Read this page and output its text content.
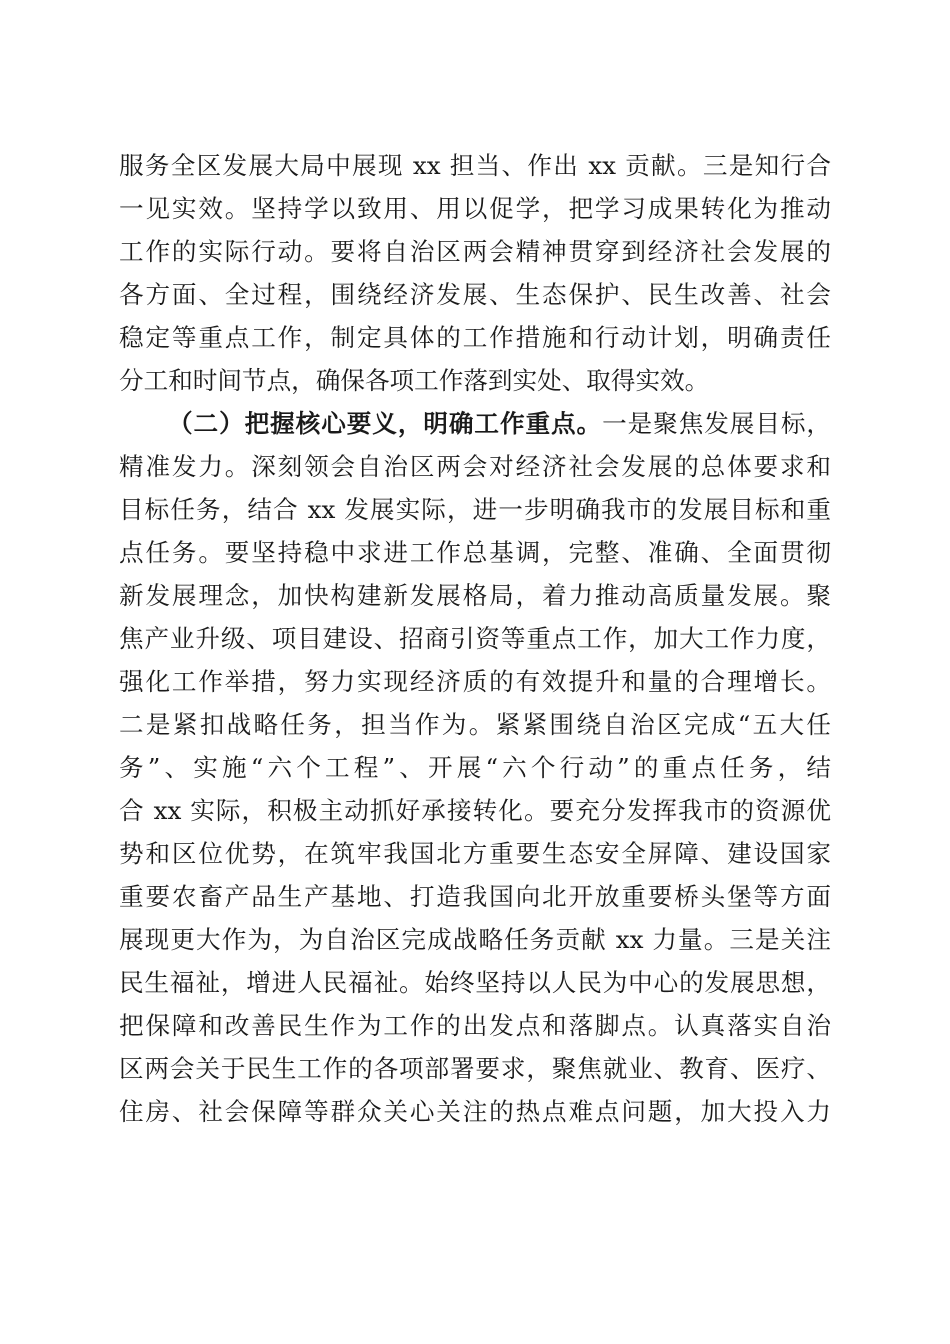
服务全区发展大局中展现 xx 担当、作出 xx 贡献。三是知行合
一见实效。坚持学以致用、用以促学，把学习成果转化为推动
工作的实际行动。要将自治区两会精神贯穿到经济社会发展的
各方面、全过程，围绕经济发展、生态保护、民生改善、社会
稳定等重点工作，制定具体的工作措施和行动计划，明确责任
分工和时间节点，确保各项工作落到实处、取得实效。
（二）把握核心要义，明确工作重点。一是聚焦发展目标，
精准发力。深刻领会自治区两会对经济社会发展的总体要求和
目标任务，结合 xx 发展实际，进一步明确我市的发展目标和重
点任务。要坚持稳中求进工作总基调，完整、准确、全面贯彻
新发展理念，加快构建新发展格局，着力推动高质量发展。聚
焦产业升级、项目建设、招商引资等重点工作，加大工作力度，
强化工作举措，努力实现经济质的有效提升和量的合理增长。
二是紧扣战略任务，担当作为。紧紧围绕自治区完成“五大任
务”、实施“六个工程”、开展“六个行动”的重点任务，结
合 xx 实际，积极主动抓好承接转化。要充分发挥我市的资源优
势和区位优势，在筑牢我国北方重要生态安全屏障、建设国家
重要农畜产品生产基地、打造我国向北开放重要桥头堡等方面
展现更大作为，为自治区完成战略任务贡献 xx 力量。三是关注
民生福祉，增进人民福祉。始终坚持以人民为中心的发展思想，
把保障和改善民生作为工作的出发点和落脚点。认真落实自治
区两会关于民生工作的各项部署要求，聚焦就业、教育、医疗、
住房、社会保障等群众关心关注的热点难点问题，加大投入力
